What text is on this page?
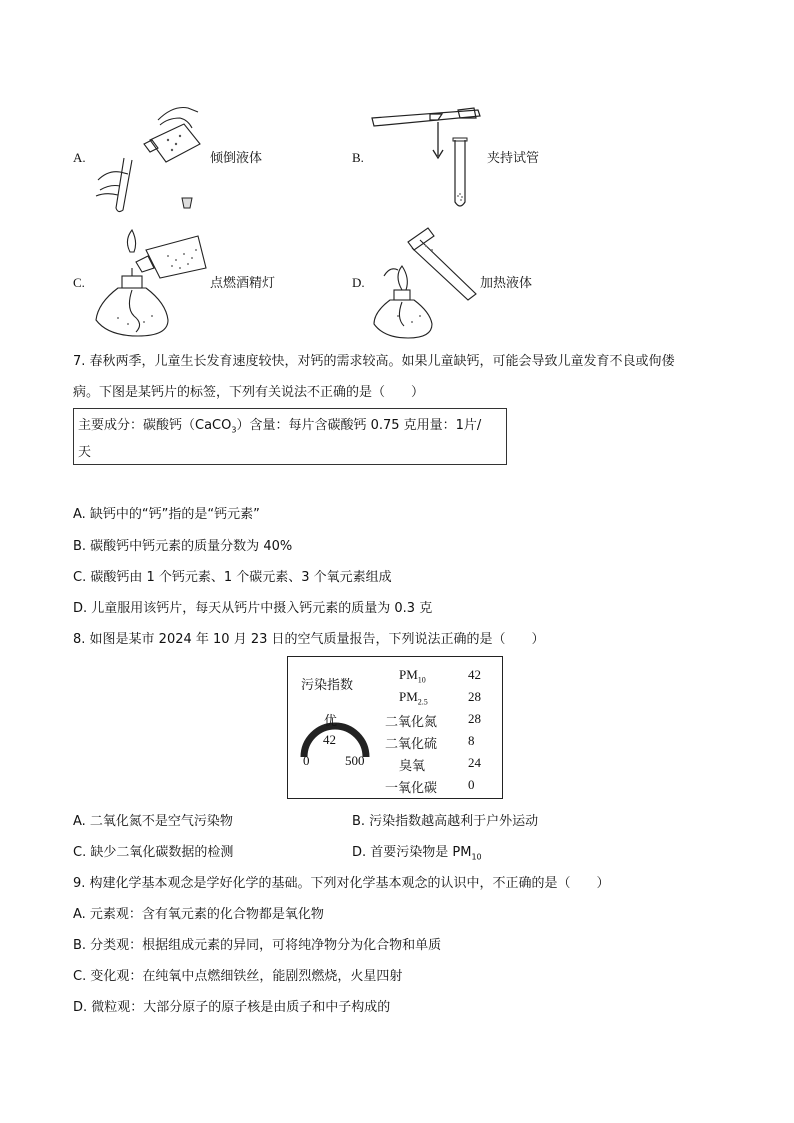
A.	倾倒液体	B.	夹持试管
C.	点燃酒精灯	D.	加热液体
7. 春秋两季，儿童生长发育速度较快，对钙的需求较高。如果儿童缺钙，可能会导致儿童发育不良或佝偻
病。下图是某钙片的标签，下列有关说法不正确的是（　　）
主要成分：碳酸钙（CaCO$_3$）含量：每片含碳酸钙 0.75 克用量：1片/
天
A. 缺钙中的“钙”指的是“钙元素”
B. 碳酸钙中钙元素的质量分数为 40%
C. 碳酸钙由 1 个钙元素、1 个碳元素、3 个氧元素组成
D. 儿童服用该钙片，每天从钙片中摄入钙元素的质量为 0.3 克
8. 如图是某市 2024 年 10 月 23 日的空气质量报告，下列说法正确的是（　　）
污染指数
优
42
0	500
$PM_{10}$	42
$PM_{2.5}$	28
二氧化氮 28
二氧化硫 8
臭氧	24
一氧化碳 0
A. 二氧化氮不是空气污染物	B. 污染指数越高越利于户外运动
C. 缺少二氧化碳数据的检测	D. 首要污染物是 $PM_{10}$
9. 构建化学基本观念是学好化学的基础。下列对化学基本观念的认识中，不正确的是（　　）
A. 元素观：含有氧元素的化合物都是氧化物
B. 分类观：根据组成元素的异同，可将纯净物分为化合物和单质
C. 变化观：在纯氧中点燃细铁丝，能剧烈燃烧，火星四射
D. 微粒观：大部分原子的原子核是由质子和中子构成的
